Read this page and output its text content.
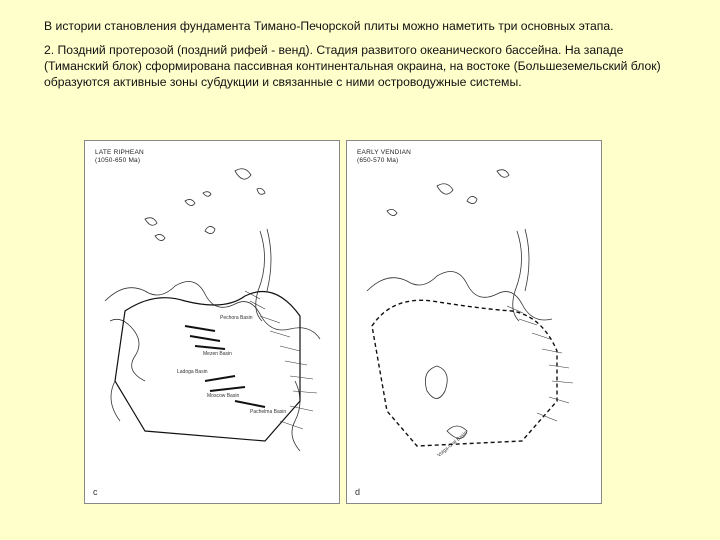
В истории становления фундамента Тимано-Печорской плиты можно наметить три основных этапа.

2. Поздний протерозой (поздний рифей - венд). Стадия развитого океанического бассейна. На западе (Тиманский блок) сформирована пассивная континентальная окраина, на востоке (Большеземельский блок) образуются активные зоны субдукции и связанные с ними островодужные системы.

Pechora Basin
Mezen Basin
Ladoga Basin
Moscow Basin
Pachelma Basin
LATE RIPHEAN
(1050-650 Ma)
c
Volga-Ural Basin
EARLY VENDIAN
(650-570 Ma)
d
